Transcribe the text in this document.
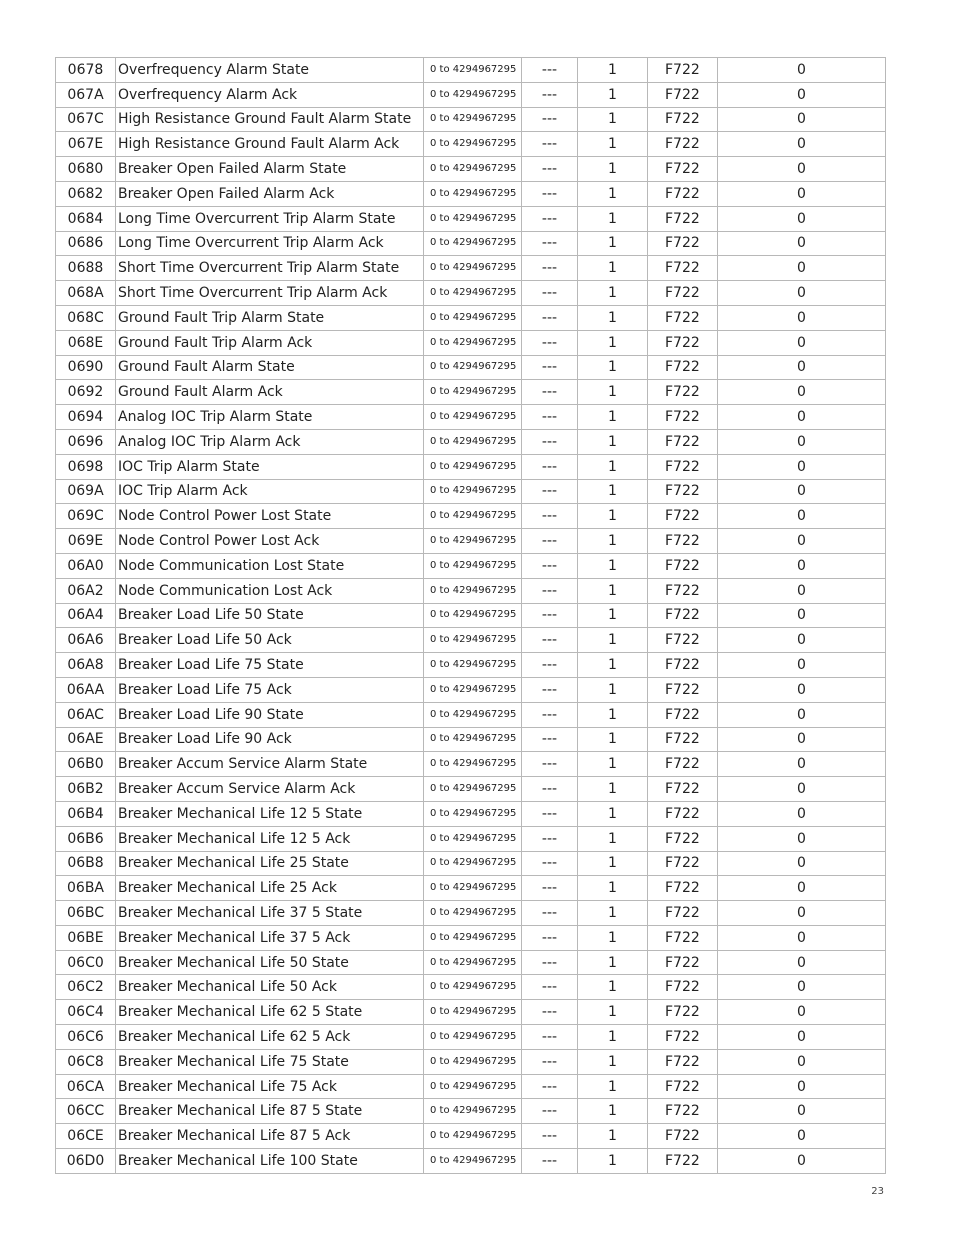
0678	Overfrequency Alarm State	0 to 4294967295	---	1	F722	0
067A	Overfrequency Alarm Ack	0 to 4294967295	---	1	F722	0
067C	High Resistance Ground Fault Alarm State	0 to 4294967295	---	1	F722	0
067E	High Resistance Ground Fault Alarm Ack	0 to 4294967295	---	1	F722	0
0680	Breaker Open Failed Alarm State	0 to 4294967295	---	1	F722	0
0682	Breaker Open Failed Alarm Ack	0 to 4294967295	---	1	F722	0
0684	Long Time Overcurrent Trip Alarm State	0 to 4294967295	---	1	F722	0
0686	Long Time Overcurrent Trip Alarm Ack	0 to 4294967295	---	1	F722	0
0688	Short Time Overcurrent Trip Alarm State	0 to 4294967295	---	1	F722	0
068A	Short Time Overcurrent Trip Alarm Ack	0 to 4294967295	---	1	F722	0
068C	Ground Fault Trip Alarm State	0 to 4294967295	---	1	F722	0
068E	Ground Fault Trip Alarm Ack	0 to 4294967295	---	1	F722	0
0690	Ground Fault Alarm State	0 to 4294967295	---	1	F722	0
0692	Ground Fault Alarm Ack	0 to 4294967295	---	1	F722	0
0694	Analog IOC Trip Alarm State	0 to 4294967295	---	1	F722	0
0696	Analog IOC Trip Alarm Ack	0 to 4294967295	---	1	F722	0
0698	IOC Trip Alarm State	0 to 4294967295	---	1	F722	0
069A	IOC Trip Alarm Ack	0 to 4294967295	---	1	F722	0
069C	Node Control Power Lost State	0 to 4294967295	---	1	F722	0
069E	Node Control Power Lost Ack	0 to 4294967295	---	1	F722	0
06A0	Node Communication Lost State	0 to 4294967295	---	1	F722	0
06A2	Node Communication Lost Ack	0 to 4294967295	---	1	F722	0
06A4	Breaker Load Life 50 State	0 to 4294967295	---	1	F722	0
06A6	Breaker Load Life 50 Ack	0 to 4294967295	---	1	F722	0
06A8	Breaker Load Life 75 State	0 to 4294967295	---	1	F722	0
06AA	Breaker Load Life 75 Ack	0 to 4294967295	---	1	F722	0
06AC	Breaker Load Life 90 State	0 to 4294967295	---	1	F722	0
06AE	Breaker Load Life 90 Ack	0 to 4294967295	---	1	F722	0
06B0	Breaker Accum Service Alarm State	0 to 4294967295	---	1	F722	0
06B2	Breaker Accum Service Alarm Ack	0 to 4294967295	---	1	F722	0
06B4	Breaker Mechanical Life 12 5 State	0 to 4294967295	---	1	F722	0
06B6	Breaker Mechanical Life 12 5 Ack	0 to 4294967295	---	1	F722	0
06B8	Breaker Mechanical Life 25 State	0 to 4294967295	---	1	F722	0
06BA	Breaker Mechanical Life 25 Ack	0 to 4294967295	---	1	F722	0
06BC	Breaker Mechanical Life 37 5 State	0 to 4294967295	---	1	F722	0
06BE	Breaker Mechanical Life 37 5 Ack	0 to 4294967295	---	1	F722	0
06C0	Breaker Mechanical Life 50 State	0 to 4294967295	---	1	F722	0
06C2	Breaker Mechanical Life 50 Ack	0 to 4294967295	---	1	F722	0
06C4	Breaker Mechanical Life 62 5 State	0 to 4294967295	---	1	F722	0
06C6	Breaker Mechanical Life 62 5 Ack	0 to 4294967295	---	1	F722	0
06C8	Breaker Mechanical Life 75 State	0 to 4294967295	---	1	F722	0
06CA	Breaker Mechanical Life 75 Ack	0 to 4294967295	---	1	F722	0
06CC	Breaker Mechanical Life 87 5 State	0 to 4294967295	---	1	F722	0
06CE	Breaker Mechanical Life 87 5 Ack	0 to 4294967295	---	1	F722	0
06D0	Breaker Mechanical Life 100 State	0 to 4294967295	---	1	F722	0
23
